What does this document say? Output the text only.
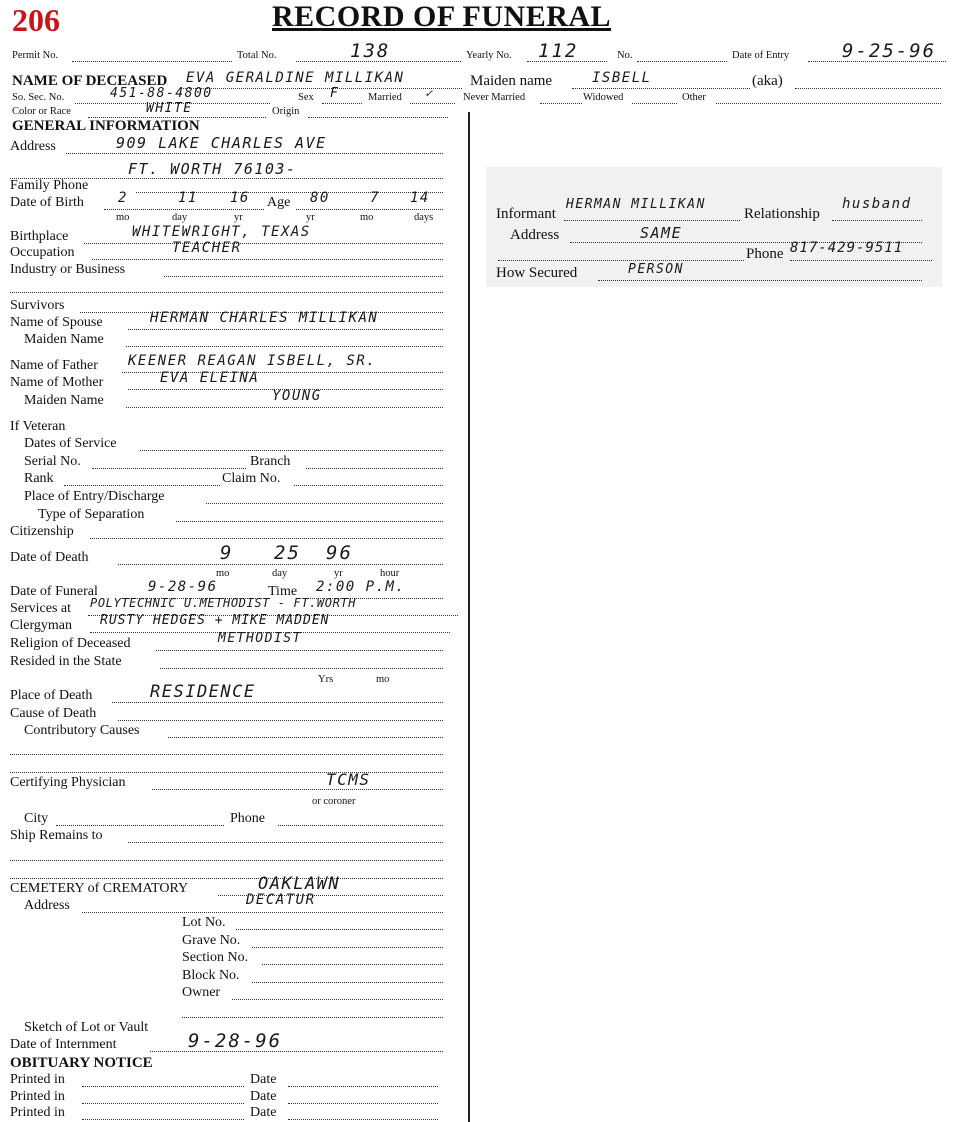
206	RECORD OF FUNERAL
Permit No.	Total No.	138	Yearly No. 112	No.	Date of Entry	9-25-96
NAME OF DECEASED EVA GERALDINE MILLIKAN	Maiden name	ISBELL	(aka)
So. Sec. No.	451-88-4800	Sex F	Married ✓	Never Married	Widowed	Other
Color or Race	WHITE	Origin
GENERAL INFORMATION
Address	909 LAKE CHARLES AVE
FT. WORTH 76103-
Family Phone
Date of Birth 2	11 16 Age 80	7 14
mo	day	yr	yr	mo	days
Birthplace	WHITEWRIGHT, TEXAS
Occupation	TEACHER
Industry or Business
Survivors
Name of Spouse	HERMAN CHARLES MILLIKAN
Maiden Name
Name of Father KEENER REAGAN ISBELL, SR.
Name of Mother	EVA ELEINA
Maiden Name	YOUNG
If Veteran
Dates of Service
Serial No.	Branch
Rank	Claim No.
Place of Entry/Discharge
Type of Separation
Citizenship
Date of Death	9 25 96
mo	day	yr	hour
Date of Funeral	9-28-96	Time 2:00 P.M.
Services at POLYTECHNIC U.METHODIST - FT.WORTH
Clergyman RUSTY HEDGES + MIKE MADDEN
Religion of Deceased	METHODIST
Resided in the State
Yrs	mo
Place of Death	RESIDENCE
Cause of Death
Contributory Causes
Certifying Physician	TCMS
or coroner
City	Phone
Ship Remains to
CEMETERY of CREMATORY	OAKLAWN
Address	DECATUR
Lot No.
Grave No.
Section No.
Block No.
Owner
Sketch of Lot or Vault
Date of Internment	9-28-96
OBITUARY NOTICE
Printed in	Date
Printed in	Date
Printed in	Date
Informant
HERMAN MILLIKAN
Relationship
husband
Address	SAME
Phone 817-429-9511
How Secured	PERSON
